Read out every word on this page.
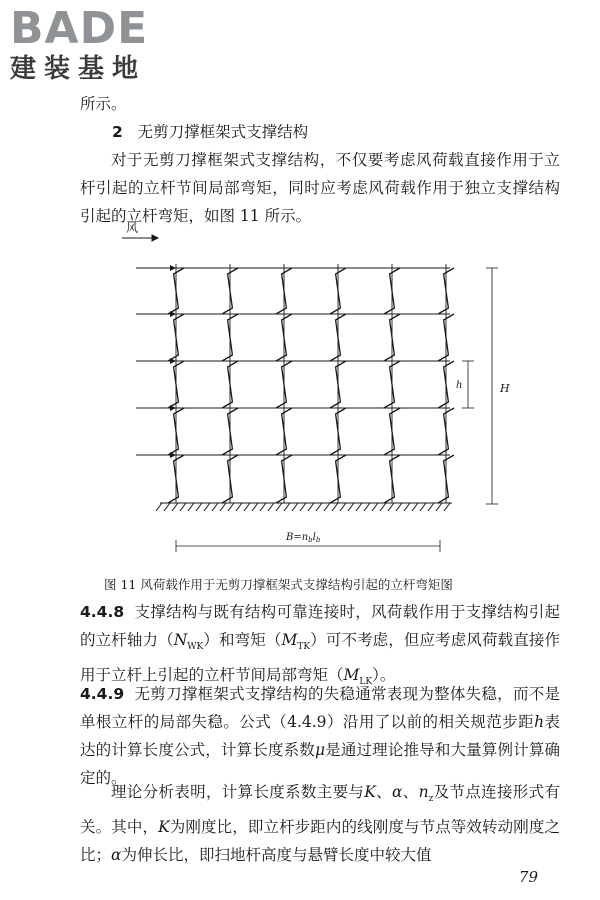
BADE
建装基地
所示。
2 无剪刀撑框架式支撑结构
对于无剪刀撑框架式支撑结构，不仅要考虑风荷载直接作用于立杆引起的立杆节间局部弯矩，同时应考虑风荷载作用于独立支撑结构引起的立杆弯矩，如图 11 所示。
风
H
h
$B=n_bl_b$
图 11 风荷载作用于无剪刀撑框架式支撑结构引起的立杆弯矩图
4.4.8 支撑结构与既有结构可靠连接时，风荷载作用于支撑结构引起的立杆轴力$(N_{WK})$和弯矩$(M_{TK})$可不考虑，但应考虑风荷载直接作用于立杆上引起的立杆节间局部弯矩$(M_{LK})$。
4.4.9 无剪刀撑框架式支撑结构的失稳通常表现为整体失稳，而不是单根立杆的局部失稳。公式（4.4.9）沿用了以前的相关规范步距h表达的计算长度公式，计算长度系数μ是通过理论推导和大量算例计算确定的。
理论分析表明，计算长度系数主要与K、α、$n_z$及节点连接形式有关。其中，K为刚度比，即立杆步距内的线刚度与节点等效转动刚度之比；α为伸长比，即扫地杆高度与悬臂长度中较大值
79
